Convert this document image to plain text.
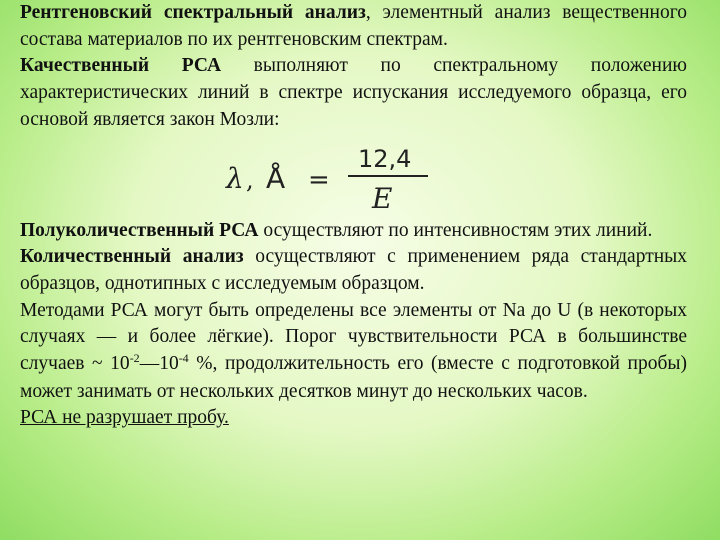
Рентгеновский спектральный анализ, элементный анализ вещественного состава материалов по их рентгеновским спектрам.

Качественный РСА выполняют по спектральному положению характеристических линий в спектре испускания исследуемого образца, его основой является закон Мозли:

λ , Å =
12,4
E

Полуколичественный РСА осуществляют по интенсивностям этих линий.

Количественный анализ осуществляют с применением ряда стандартных образцов, однотипных с исследуемым образцом.

Методами РСА могут быть определены все элементы от Na до U (в некоторых случаях — и более лёгкие). Порог чувствительности РСА в большинстве случаев ~ $10^{-2}—10^{-4}$ %, продолжительность его (вместе с подготовкой пробы) может занимать от нескольких десятков минут до нескольких часов.

РСА не разрушает пробу.
